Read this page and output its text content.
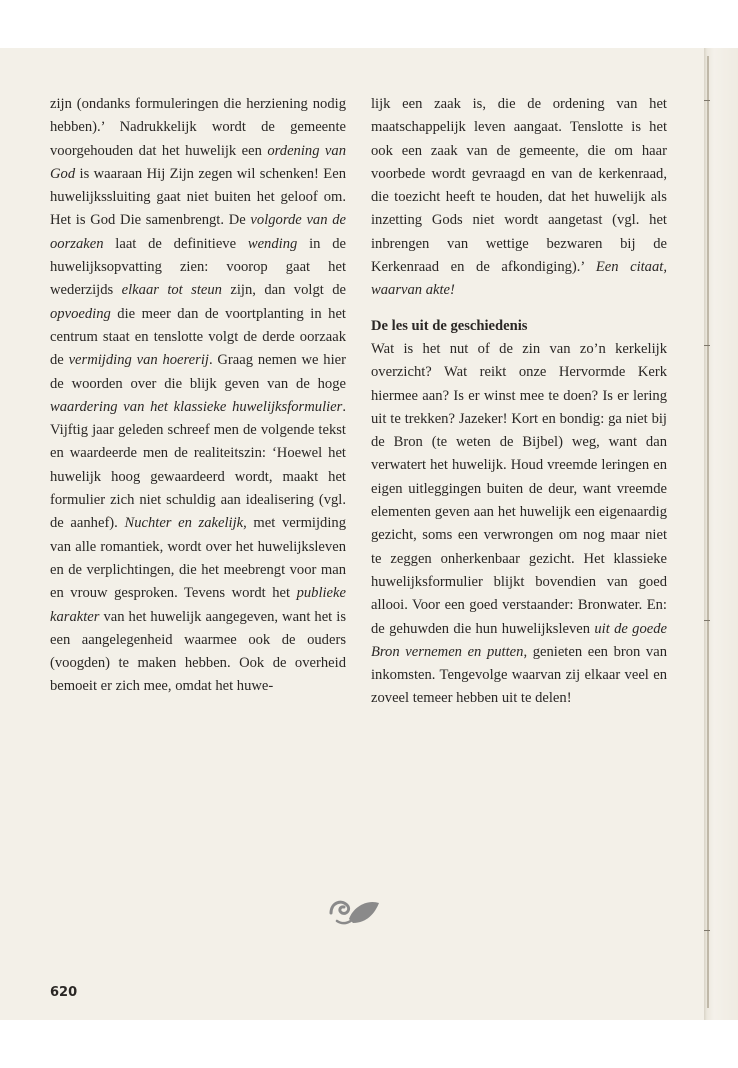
zijn (ondanks formuleringen die herziening nodig hebben).’ Nadrukkelijk wordt de gemeente voorgehouden dat het huwelijk een ordening van God is waaraan Hij Zijn zegen wil schenken! Een huwelijkssluiting gaat niet buiten het geloof om. Het is God Die samenbrengt. De volgorde van de oorzaken laat de definitieve wending in de huwelijksopvatting zien: voorop gaat het wederzijds elkaar tot steun zijn, dan volgt de opvoeding die meer dan de voortplanting in het centrum staat en tenslotte volgt de derde oorzaak de vermijding van hoererij. Graag nemen we hier de woorden over die blijk geven van de hoge waardering van het klassieke huwelijksformulier. Vijftig jaar geleden schreef men de volgende tekst en waardeerde men de realiteitszin: ‘Hoewel het huwelijk hoog gewaardeerd wordt, maakt het formulier zich niet schuldig aan idealisering (vgl. de aanhef). Nuchter en zakelijk, met vermijding van alle romantiek, wordt over het huwelijksleven en de verplichtingen, die het meebrengt voor man en vrouw gesproken. Tevens wordt het publieke karakter van het huwelijk aangegeven, want het is een aangelegenheid waarmee ook de ouders (voogden) te maken hebben. Ook de overheid bemoeit er zich mee, omdat het huwe-

lijk een zaak is, die de ordening van het maatschappelijk leven aangaat. Tenslotte is het ook een zaak van de gemeente, die om haar voorbede wordt gevraagd en van de kerkenraad, die toezicht heeft te houden, dat het huwelijk als inzetting Gods niet wordt aangetast (vgl. het inbrengen van wettige bezwaren bij de Kerkenraad en de afkondiging).’ Een citaat, waarvan akte!

De les uit de geschiedenis

Wat is het nut of de zin van zo’n kerkelijk overzicht? Wat reikt onze Hervormde Kerk hiermee aan? Is er winst mee te doen? Is er lering uit te trekken? Jazeker! Kort en bondig: ga niet bij de Bron (te weten de Bijbel) weg, want dan verwatert het huwelijk. Houd vreemde leringen en eigen uitleggingen buiten de deur, want vreemde elementen geven aan het huwelijk een eigenaardig gezicht, soms een verwrongen om nog maar niet te zeggen onherkenbaar gezicht. Het klassieke huwelijksformulier blijkt bovendien van goed allooi. Voor een goed verstaander: Bronwater. En: de gehuwden die hun huwelijksleven uit de goede Bron vernemen en putten, genieten een bron van inkomsten. Tengevolge waarvan zij elkaar veel en zoveel temeer hebben uit te delen!

620
